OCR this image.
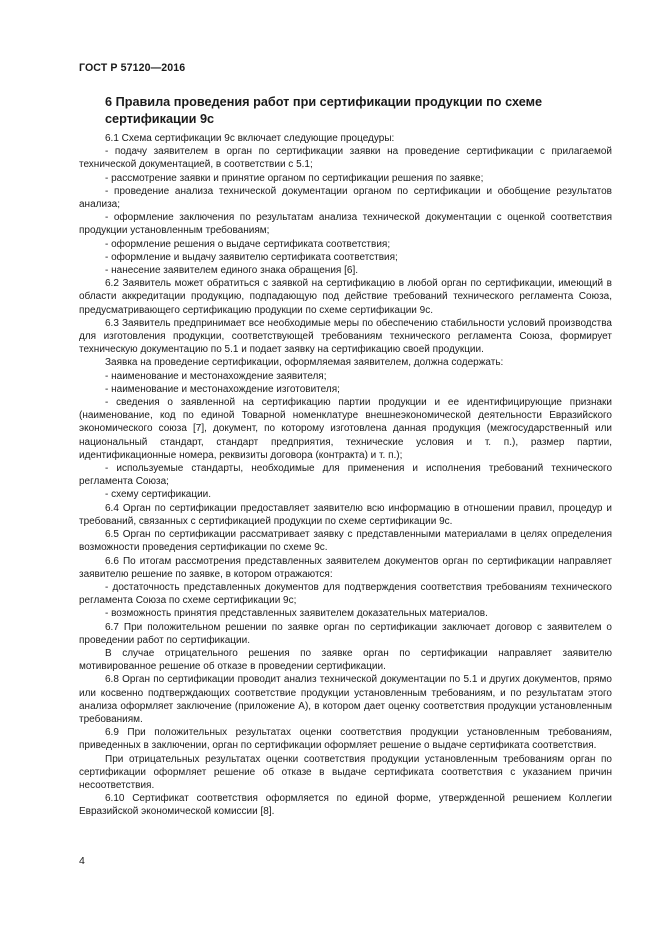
ГОСТ Р 57120—2016
6 Правила проведения работ при сертификации продукции по схеме сертификации 9с

6.1 Схема сертификации 9с включает следующие процедуры:

- подачу заявителем в орган по сертификации заявки на проведение сертификации с прилагаемой технической документацией, в соответствии с 5.1;

- рассмотрение заявки и принятие органом по сертификации решения по заявке;

- проведение анализа технической документации органом по сертификации и обобщение результатов анализа;

- оформление заключения по результатам анализа технической документации с оценкой соответствия продукции установленным требованиям;

- оформление решения о выдаче сертификата соответствия;

- оформление и выдачу заявителю сертификата соответствия;

- нанесение заявителем единого знака обращения [6].

6.2 Заявитель может обратиться с заявкой на сертификацию в любой орган по сертификации, имеющий в области аккредитации продукцию, подпадающую под действие требований технического регламента Союза, предусматривающего сертификацию продукции по схеме сертификации 9с.

6.3 Заявитель предпринимает все необходимые меры по обеспечению стабильности условий производства для изготовления продукции, соответствующей требованиям технического регламента Союза, формирует техническую документацию по 5.1 и подает заявку на сертификацию своей продукции.

Заявка на проведение сертификации, оформляемая заявителем, должна содержать:

- наименование и местонахождение заявителя;

- наименование и местонахождение изготовителя;

- сведения о заявленной на сертификацию партии продукции и ее идентифицирующие признаки (наименование, код по единой Товарной номенклатуре внешнеэкономической деятельности Евразийского экономического союза [7], документ, по которому изготовлена данная продукция (межгосударственный или национальный стандарт, стандарт предприятия, технические условия и т. п.), размер партии, идентификационные номера, реквизиты договора (контракта) и т. п.);

- используемые стандарты, необходимые для применения и исполнения требований технического регламента Союза;

- схему сертификации.

6.4 Орган по сертификации предоставляет заявителю всю информацию в отношении правил, процедур и требований, связанных с сертификацией продукции по схеме сертификации 9с.

6.5 Орган по сертификации рассматривает заявку с представленными материалами в целях определения возможности проведения сертификации по схеме 9с.

6.6 По итогам рассмотрения представленных заявителем документов орган по сертификации направляет заявителю решение по заявке, в котором отражаются:

- достаточность представленных документов для подтверждения соответствия требованиям технического регламента Союза по схеме сертификации 9с;

- возможность принятия представленных заявителем доказательных материалов.

6.7 При положительном решении по заявке орган по сертификации заключает договор с заявителем о проведении работ по сертификации.

В случае отрицательного решения по заявке орган по сертификации направляет заявителю мотивированное решение об отказе в проведении сертификации.

6.8 Орган по сертификации проводит анализ технической документации по 5.1 и других документов, прямо или косвенно подтверждающих соответствие продукции установленным требованиям, и по результатам этого анализа оформляет заключение (приложение А), в котором дает оценку соответствия продукции установленным требованиям.

6.9 При положительных результатах оценки соответствия продукции установленным требованиям, приведенных в заключении, орган по сертификации оформляет решение о выдаче сертификата соответствия.

При отрицательных результатах оценки соответствия продукции установленным требованиям орган по сертификации оформляет решение об отказе в выдаче сертификата соответствия с указанием причин несоответствия.

6.10 Сертификат соответствия оформляется по единой форме, утвержденной решением Коллегии Евразийской экономической комиссии [8].

4
